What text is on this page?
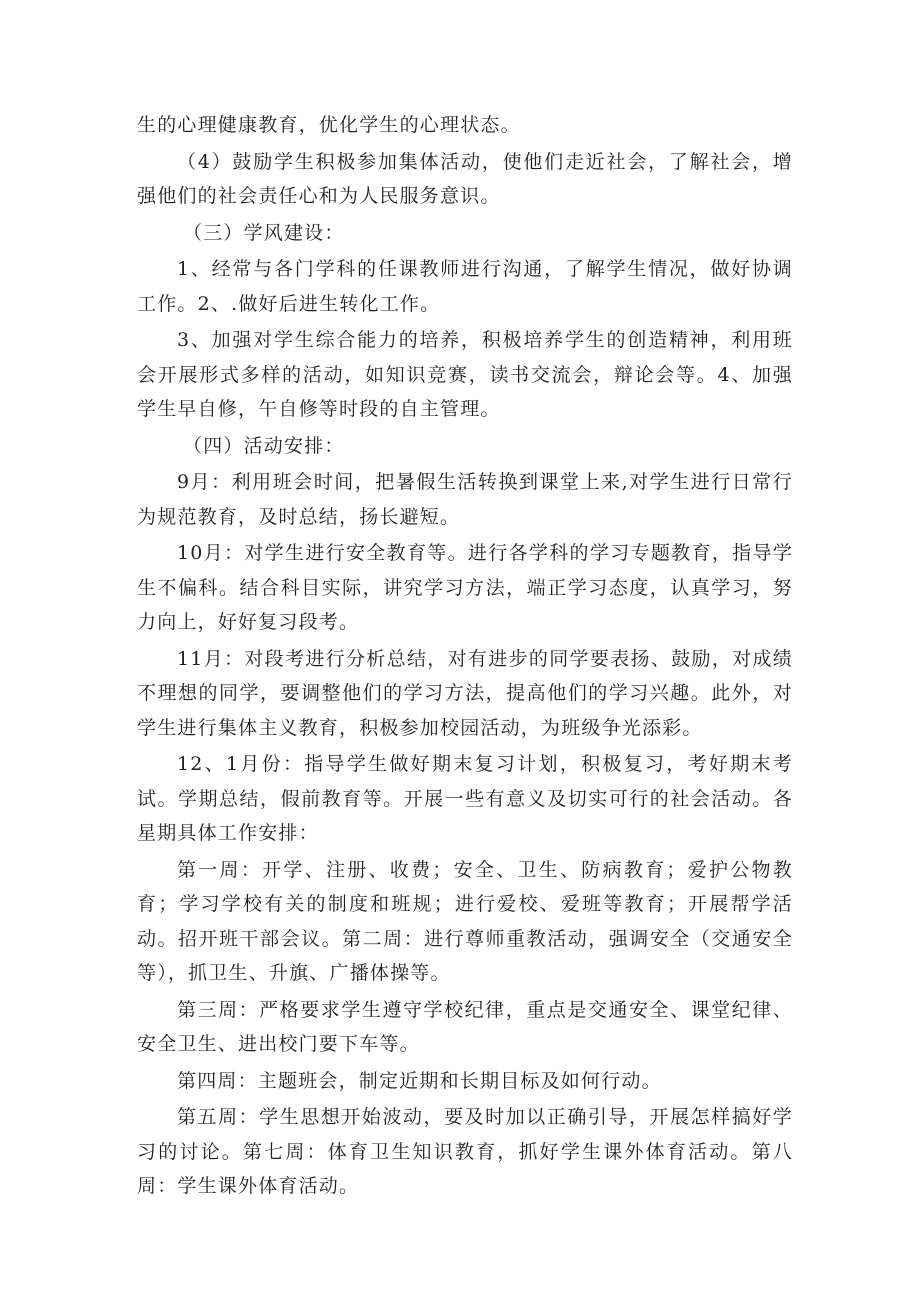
生的心理健康教育，优化学生的心理状态。

（4）鼓励学生积极参加集体活动，使他们走近社会，了解社会，增强他们的社会责任心和为人民服务意识。

（三）学风建设：

1、经常与各门学科的任课教师进行沟通，了解学生情况，做好协调工作。2、.做好后进生转化工作。

3、加强对学生综合能力的培养，积极培养学生的创造精神，利用班会开展形式多样的活动，如知识竞赛，读书交流会，辩论会等。4、加强学生早自修，午自修等时段的自主管理。

（四）活动安排：

9月：利用班会时间，把暑假生活转换到课堂上来,对学生进行日常行为规范教育，及时总结，扬长避短。

10月：对学生进行安全教育等。进行各学科的学习专题教育，指导学生不偏科。结合科目实际，讲究学习方法，端正学习态度，认真学习，努力向上，好好复习段考。

11月：对段考进行分析总结，对有进步的同学要表扬、鼓励，对成绩不理想的同学，要调整他们的学习方法，提高他们的学习兴趣。此外，对学生进行集体主义教育，积极参加校园活动，为班级争光添彩。

12、1月份：指导学生做好期末复习计划，积极复习，考好期末考试。学期总结，假前教育等。开展一些有意义及切实可行的社会活动。各星期具体工作安排：

第一周：开学、注册、收费；安全、卫生、防病教育；爱护公物教育；学习学校有关的制度和班规；进行爱校、爱班等教育；开展帮学活动。招开班干部会议。第二周：进行尊师重教活动，强调安全（交通安全等），抓卫生、升旗、广播体操等。

第三周：严格要求学生遵守学校纪律，重点是交通安全、课堂纪律、安全卫生、进出校门要下车等。

第四周：主题班会，制定近期和长期目标及如何行动。

第五周：学生思想开始波动，要及时加以正确引导，开展怎样搞好学习的讨论。第七周：体育卫生知识教育，抓好学生课外体育活动。第八周：学生课外体育活动。
